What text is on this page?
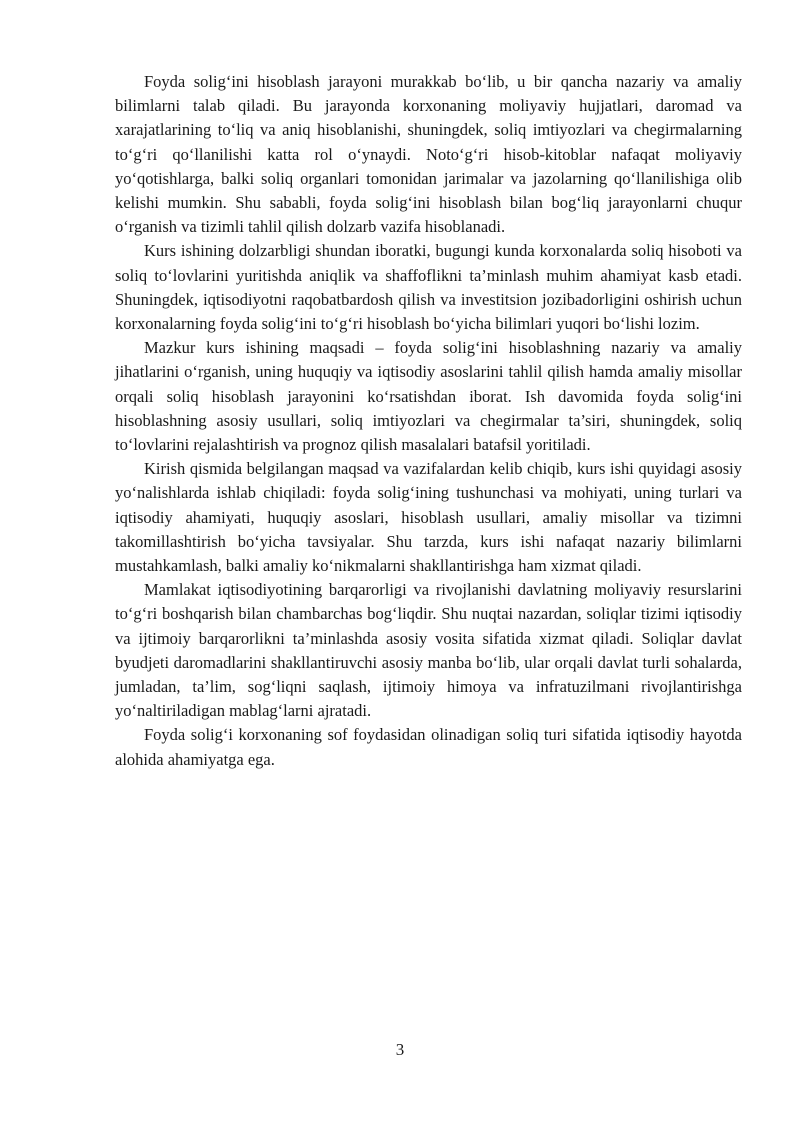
Foyda solig‘ini hisoblash jarayoni murakkab bo‘lib, u bir qancha nazariy va amaliy bilimlarni talab qiladi. Bu jarayonda korxonaning moliyaviy hujjatlari, daromad va xarajatlarining to‘liq va aniq hisoblanishi, shuningdek, soliq imtiyozlari va chegirmalarning to‘g‘ri qo‘llanilishi katta rol o‘ynaydi. Noto‘g‘ri hisob-kitoblar nafaqat moliyaviy yo‘qotishlarga, balki soliq organlari tomonidan jarimalar va jazolarning qo‘llanilishiga olib kelishi mumkin. Shu sababli, foyda solig‘ini hisoblash bilan bog‘liq jarayonlarni chuqur o‘rganish va tizimli tahlil qilish dolzarb vazifa hisoblanadi.

Kurs ishining dolzarbligi shundan iboratki, bugungi kunda korxonalarda soliq hisoboti va soliq to‘lovlarini yuritishda aniqlik va shaffoflikni ta’minlash muhim ahamiyat kasb etadi. Shuningdek, iqtisodiyotni raqobatbardosh qilish va investitsion jozibadorligini oshirish uchun korxonalarning foyda solig‘ini to‘g‘ri hisoblash bo‘yicha bilimlari yuqori bo‘lishi lozim.

Mazkur kurs ishining maqsadi – foyda solig‘ini hisoblashning nazariy va amaliy jihatlarini o‘rganish, uning huquqiy va iqtisodiy asoslarini tahlil qilish hamda amaliy misollar orqali soliq hisoblash jarayonini ko‘rsatishdan iborat. Ish davomida foyda solig‘ini hisoblashning asosiy usullari, soliq imtiyozlari va chegirmalar ta’siri, shuningdek, soliq to‘lovlarini rejalashtirish va prognoz qilish masalalari batafsil yoritiladi.

Kirish qismida belgilangan maqsad va vazifalardan kelib chiqib, kurs ishi quyidagi asosiy yo‘nalishlarda ishlab chiqiladi: foyda solig‘ining tushunchasi va mohiyati, uning turlari va iqtisodiy ahamiyati, huquqiy asoslari, hisoblash usullari, amaliy misollar va tizimni takomillashtirish bo‘yicha tavsiyalar. Shu tarzda, kurs ishi nafaqat nazariy bilimlarni mustahkamlash, balki amaliy ko‘nikmalarni shakllantirishga ham xizmat qiladi.

Mamlakat iqtisodiyotining barqarorligi va rivojlanishi davlatning moliyaviy resurslarini to‘g‘ri boshqarish bilan chambarchas bog‘liqdir. Shu nuqtai nazardan, soliqlar tizimi iqtisodiy va ijtimoiy barqarorlikni ta’minlashda asosiy vosita sifatida xizmat qiladi. Soliqlar davlat byudjeti daromadlarini shakllantiruvchi asosiy manba bo‘lib, ular orqali davlat turli sohalarda, jumladan, ta’lim, sog‘liqni saqlash, ijtimoiy himoya va infratuzilmani rivojlantirishga yo‘naltiriladigan mablag‘larni ajratadi.

Foyda solig‘i korxonaning sof foydasidan olinadigan soliq turi sifatida iqtisodiy hayotda alohida ahamiyatga ega.

3
